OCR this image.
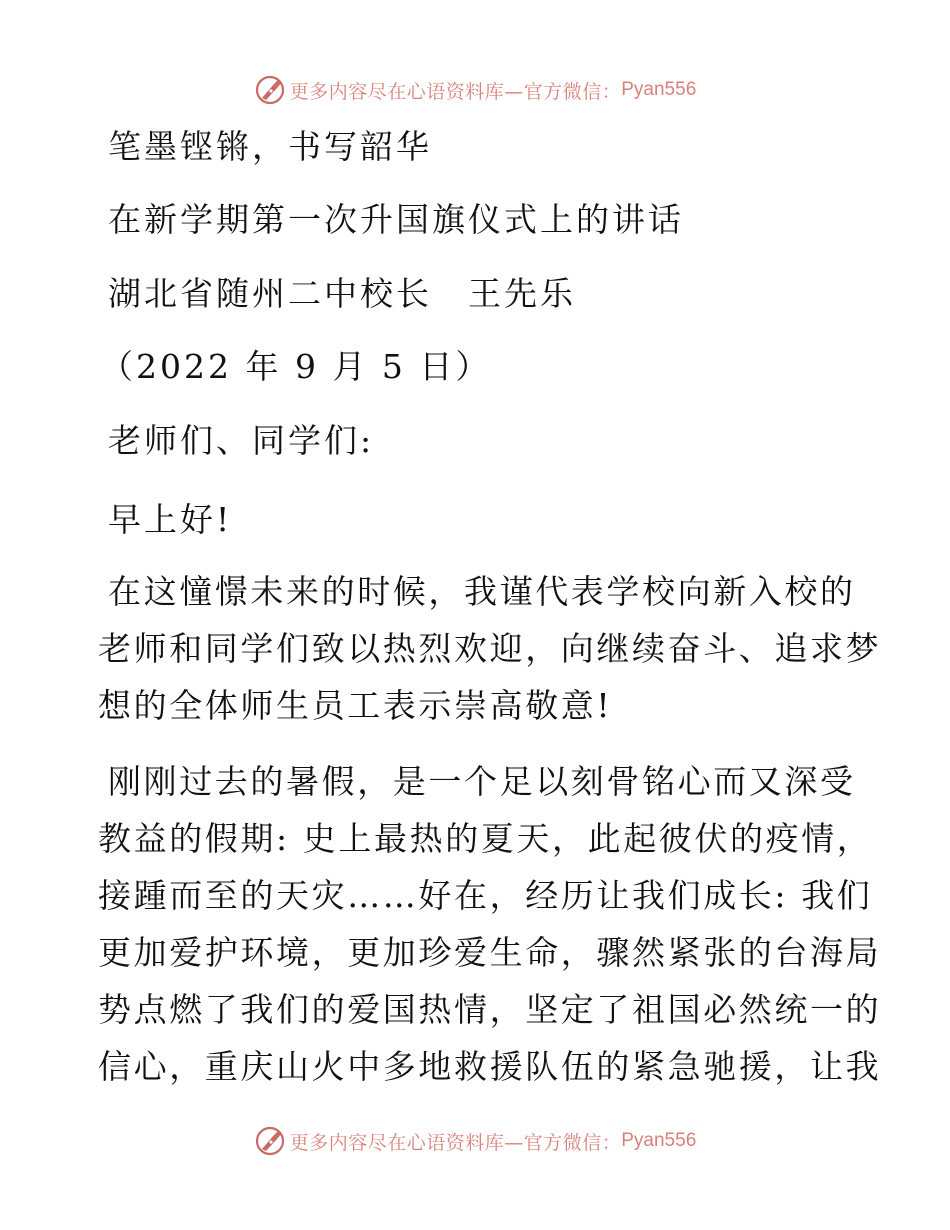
更多内容尽在心语资料库—官方微信： Pyan556
笔墨铿锵，书写韶华
在新学期第一次升国旗仪式上的讲话
湖北省随州二中校长　王先乐
（2022 年 9 月 5 日）
老师们、同学们:
早上好!
在这憧憬未来的时候，我谨代表学校向新入校的
老师和同学们致以热烈欢迎，向继续奋斗、追求梦
想的全体师生员工表示崇高敬意!
刚刚过去的暑假，是一个足以刻骨铭心而又深受
教益的假期: 史上最热的夏天，此起彼伏的疫情，
接踵而至的天灾……好在，经历让我们成长: 我们
更加爱护环境，更加珍爱生命，骤然紧张的台海局
势点燃了我们的爱国热情，坚定了祖国必然统一的
信心，重庆山火中多地救援队伍的紧急驰援，让我
更多内容尽在心语资料库—官方微信： Pyan556
